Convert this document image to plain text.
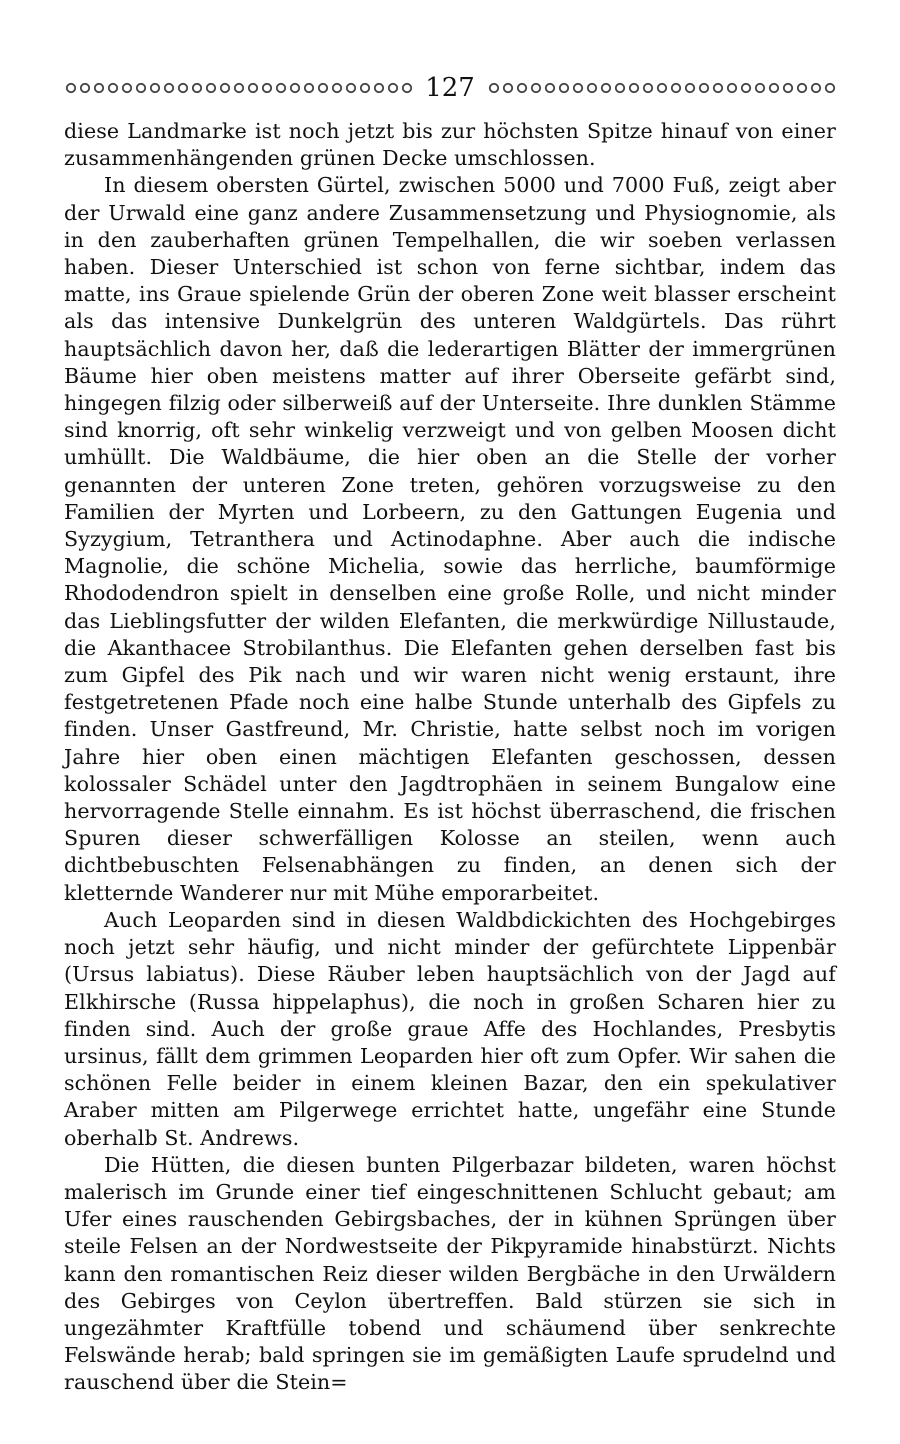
127

diese Landmarke ist noch jetzt bis zur höchsten Spitze hinauf von einer zusammenhängenden grünen Decke umschlossen.

In diesem obersten Gürtel, zwischen 5000 und 7000 Fuß, zeigt aber der Urwald eine ganz andere Zusammensetzung und Physiognomie, als in den zauberhaften grünen Tempelhallen, die wir soeben verlassen haben. Dieser Unterschied ist schon von ferne sichtbar, indem das matte, ins Graue spielende Grün der oberen Zone weit blasser erscheint als das intensive Dunkelgrün des unteren Waldgürtels. Das rührt hauptsächlich davon her, daß die lederartigen Blätter der immergrünen Bäume hier oben meistens matter auf ihrer Oberseite gefärbt sind, hingegen filzig oder silberweiß auf der Unterseite. Ihre dunklen Stämme sind knorrig, oft sehr winkelig verzweigt und von gelben Moosen dicht umhüllt. Die Waldbäume, die hier oben an die Stelle der vorher genannten der unteren Zone treten, gehören vorzugsweise zu den Familien der Myrten und Lorbeern, zu den Gattungen Eugenia und Syzygium, Tetranthera und Actinodaphne. Aber auch die indische Magnolie, die schöne Michelia, sowie das herrliche, baumförmige Rhododendron spielt in denselben eine große Rolle, und nicht minder das Lieblingsfutter der wilden Elefanten, die merkwürdige Nillustaude, die Akanthacee Strobilanthus. Die Elefanten gehen derselben fast bis zum Gipfel des Pik nach und wir waren nicht wenig erstaunt, ihre festgetretenen Pfade noch eine halbe Stunde unterhalb des Gipfels zu finden. Unser Gastfreund, Mr. Christie, hatte selbst noch im vorigen Jahre hier oben einen mächtigen Elefanten geschossen, dessen kolossaler Schädel unter den Jagdtrophäen in seinem Bungalow eine hervorragende Stelle einnahm. Es ist höchst überraschend, die frischen Spuren dieser schwerfälligen Kolosse an steilen, wenn auch dichtbebuschten Felsenabhängen zu finden, an denen sich der kletternde Wanderer nur mit Mühe emporarbeitet.

Auch Leoparden sind in diesen Waldbdickichten des Hochgebirges noch jetzt sehr häufig, und nicht minder der gefürchtete Lippenbär (Ursus labiatus). Diese Räuber leben hauptsächlich von der Jagd auf Elkhirsche (Russa hippelaphus), die noch in großen Scharen hier zu finden sind. Auch der große graue Affe des Hochlandes, Presbytis ursinus, fällt dem grimmen Leoparden hier oft zum Opfer. Wir sahen die schönen Felle beider in einem kleinen Bazar, den ein spekulativer Araber mitten am Pilgerwege errichtet hatte, ungefähr eine Stunde oberhalb St. Andrews.

Die Hütten, die diesen bunten Pilgerbazar bildeten, waren höchst malerisch im Grunde einer tief eingeschnittenen Schlucht gebaut; am Ufer eines rauschenden Gebirgsbaches, der in kühnen Sprüngen über steile Felsen an der Nordwestseite der Pikpyramide hinabstürzt. Nichts kann den romantischen Reiz dieser wilden Bergbäche in den Urwäldern des Gebirges von Ceylon übertreffen. Bald stürzen sie sich in ungezähmter Kraftfülle tobend und schäumend über senkrechte Felswände herab; bald springen sie im gemäßigten Laufe sprudelnd und rauschend über die Stein=
